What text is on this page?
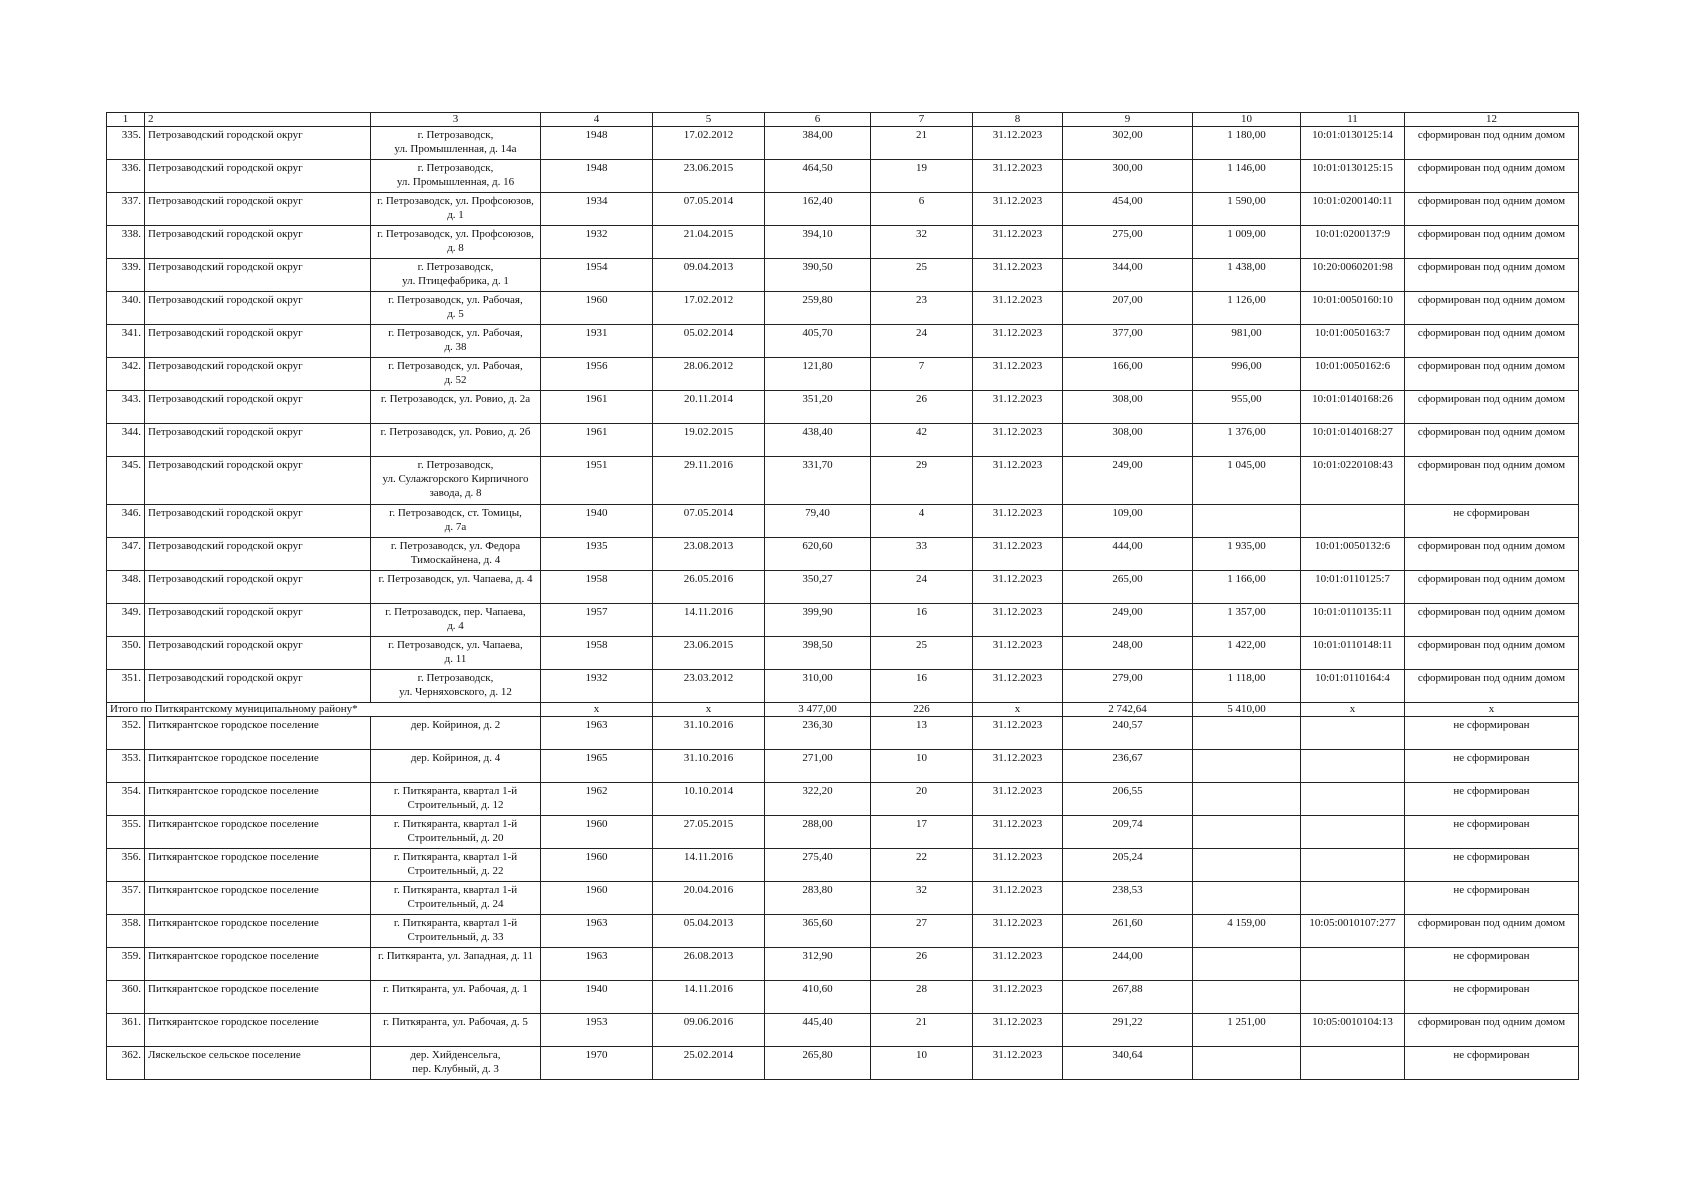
1	2	3	4	5	6	7	8	9	10	11	12
335.	Петрозаводский городской округ	г. Петрозаводск,
ул. Промышленная, д. 14а	1948	17.02.2012	384,00	21	31.12.2023	302,00	1 180,00	10:01:0130125:14	сформирован под одним домом
336.	Петрозаводский городской округ	г. Петрозаводск,
ул. Промышленная, д. 16	1948	23.06.2015	464,50	19	31.12.2023	300,00	1 146,00	10:01:0130125:15	сформирован под одним домом
337.	Петрозаводский городской округ	г. Петрозаводск, ул. Профсоюзов,
д. 1	1934	07.05.2014	162,40	6	31.12.2023	454,00	1 590,00	10:01:0200140:11	сформирован под одним домом
338.	Петрозаводский городской округ	г. Петрозаводск, ул. Профсоюзов,
д. 8	1932	21.04.2015	394,10	32	31.12.2023	275,00	1 009,00	10:01:0200137:9	сформирован под одним домом
339.	Петрозаводский городской округ	г. Петрозаводск,
ул. Птицефабрика, д. 1	1954	09.04.2013	390,50	25	31.12.2023	344,00	1 438,00	10:20:0060201:98	сформирован под одним домом
340.	Петрозаводский городской округ	г. Петрозаводск, ул. Рабочая,
д. 5	1960	17.02.2012	259,80	23	31.12.2023	207,00	1 126,00	10:01:0050160:10	сформирован под одним домом
341.	Петрозаводский городской округ	г. Петрозаводск, ул. Рабочая,
д. 38	1931	05.02.2014	405,70	24	31.12.2023	377,00	981,00	10:01:0050163:7	сформирован под одним домом
342.	Петрозаводский городской округ	г. Петрозаводск, ул. Рабочая,
д. 52	1956	28.06.2012	121,80	7	31.12.2023	166,00	996,00	10:01:0050162:6	сформирован под одним домом
343.	Петрозаводский городской округ	г. Петрозаводск, ул. Ровио, д. 2а	1961	20.11.2014	351,20	26	31.12.2023	308,00	955,00	10:01:0140168:26	сформирован под одним домом
344.	Петрозаводский городской округ	г. Петрозаводск, ул. Ровио, д. 2б	1961	19.02.2015	438,40	42	31.12.2023	308,00	1 376,00	10:01:0140168:27	сформирован под одним домом
345.	Петрозаводский городской округ	г. Петрозаводск,
ул. Сулажгорского Кирпичного
завода, д. 8	1951	29.11.2016	331,70	29	31.12.2023	249,00	1 045,00	10:01:0220108:43	сформирован под одним домом
346.	Петрозаводский городской округ	г. Петрозаводск, ст. Томицы,
д. 7а	1940	07.05.2014	79,40	4	31.12.2023	109,00			не сформирован
347.	Петрозаводский городской округ	г. Петрозаводск, ул. Федора
Тимоскайнена, д. 4	1935	23.08.2013	620,60	33	31.12.2023	444,00	1 935,00	10:01:0050132:6	сформирован под одним домом
348.	Петрозаводский городской округ	г. Петрозаводск, ул. Чапаева, д. 4	1958	26.05.2016	350,27	24	31.12.2023	265,00	1 166,00	10:01:0110125:7	сформирован под одним домом
349.	Петрозаводский городской округ	г. Петрозаводск, пер. Чапаева,
д. 4	1957	14.11.2016	399,90	16	31.12.2023	249,00	1 357,00	10:01:0110135:11	сформирован под одним домом
350.	Петрозаводский городской округ	г. Петрозаводск, ул. Чапаева,
д. 11	1958	23.06.2015	398,50	25	31.12.2023	248,00	1 422,00	10:01:0110148:11	сформирован под одним домом
351.	Петрозаводский городской округ	г. Петрозаводск,
ул. Черняховского, д. 12	1932	23.03.2012	310,00	16	31.12.2023	279,00	1 118,00	10:01:0110164:4	сформирован под одним домом
Итого по Питкярантскому муниципальному району*			х	х	3 477,00	226	х	2 742,64	5 410,00	х	х
352.	Питкярантское городское поселение	дер. Койриноя, д. 2	1963	31.10.2016	236,30	13	31.12.2023	240,57			не сформирован
353.	Питкярантское городское поселение	дер. Койриноя, д. 4	1965	31.10.2016	271,00	10	31.12.2023	236,67			не сформирован
354.	Питкярантское городское поселение	г. Питкяранта, квартал 1-й
Строительный, д. 12	1962	10.10.2014	322,20	20	31.12.2023	206,55			не сформирован
355.	Питкярантское городское поселение	г. Питкяранта, квартал 1-й
Строительный, д. 20	1960	27.05.2015	288,00	17	31.12.2023	209,74			не сформирован
356.	Питкярантское городское поселение	г. Питкяранта, квартал 1-й
Строительный, д. 22	1960	14.11.2016	275,40	22	31.12.2023	205,24			не сформирован
357.	Питкярантское городское поселение	г. Питкяранта, квартал 1-й
Строительный, д. 24	1960	20.04.2016	283,80	32	31.12.2023	238,53			не сформирован
358.	Питкярантское городское поселение	г. Питкяранта, квартал 1-й
Строительный, д. 33	1963	05.04.2013	365,60	27	31.12.2023	261,60	4 159,00	10:05:0010107:277	сформирован под одним домом
359.	Питкярантское городское поселение	г. Питкяранта, ул. Западная, д. 11	1963	26.08.2013	312,90	26	31.12.2023	244,00			не сформирован
360.	Питкярантское городское поселение	г. Питкяранта, ул. Рабочая, д. 1	1940	14.11.2016	410,60	28	31.12.2023	267,88			не сформирован
361.	Питкярантское городское поселение	г. Питкяранта, ул. Рабочая, д. 5	1953	09.06.2016	445,40	21	31.12.2023	291,22	1 251,00	10:05:0010104:13	сформирован под одним домом
362.	Ляскельское сельское поселение	дер. Хийденсельга,
пер. Клубный, д. 3	1970	25.02.2014	265,80	10	31.12.2023	340,64			не сформирован
